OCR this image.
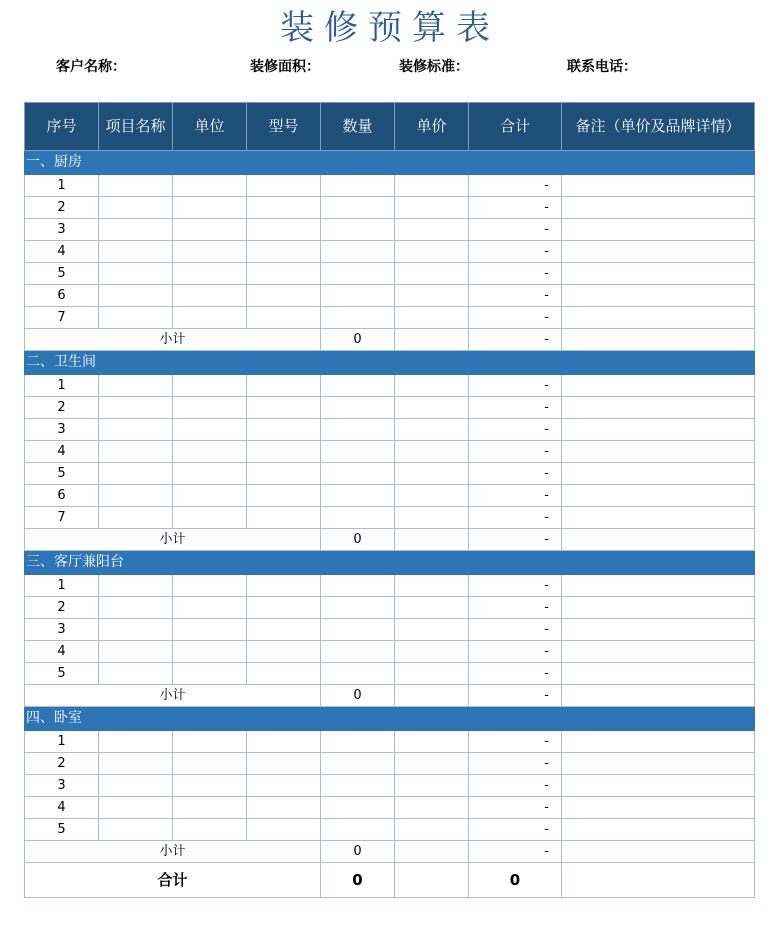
装修预算表
客户名称：	装修面积：	装修标准：	联系电话：
序号	项目名称	单位	型号	数量	单价	合计	备注（单价及品牌详情）
一、厨房							
1						-	
2						-	
3						-	
4						-	
5						-	
6						-	
7						-	
小计				0		-	
二、卫生间							
1						-	
2						-	
3						-	
4						-	
5						-	
6						-	
7						-	
小计				0		-	
三、客厅兼阳台							
1						-	
2						-	
3						-	
4						-	
5						-	
小计				0		-	
四、卧室							
1						-	
2						-	
3						-	
4						-	
5						-	
小计				0		-	
合计				0		0	
